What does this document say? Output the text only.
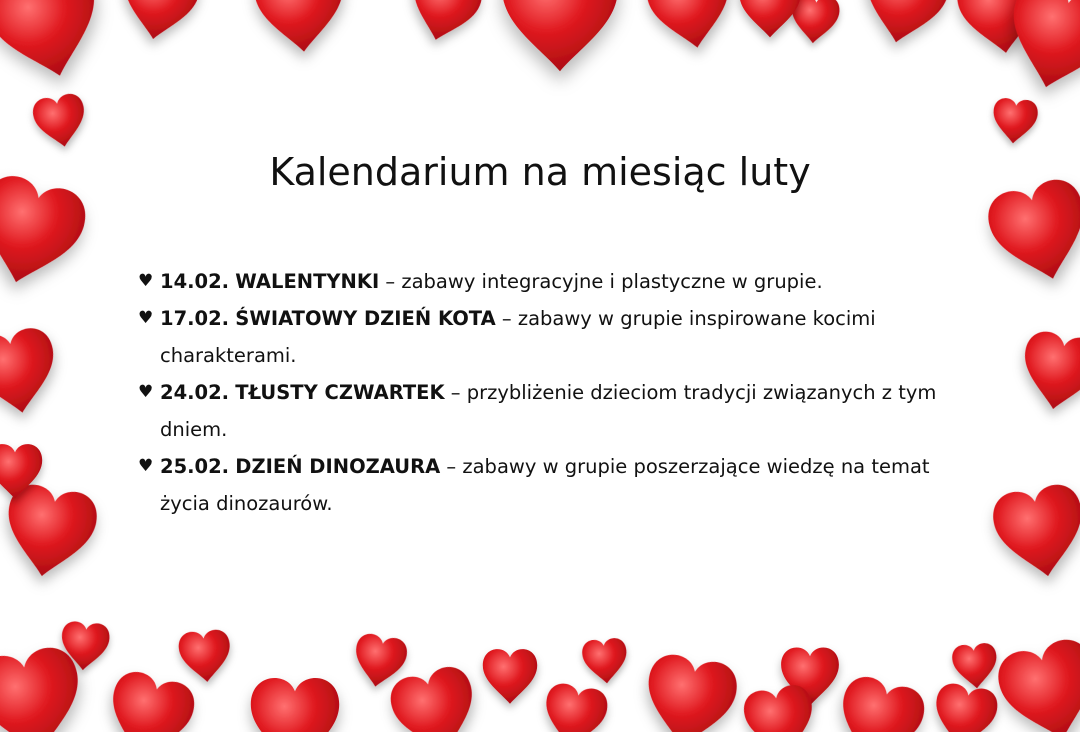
Kalendarium na miesiąc luty
♥ 14.02. WALENTYNKI – zabawy integracyjne i plastyczne w grupie.
♥ 17.02. ŚWIATOWY DZIEŃ KOTA – zabawy w grupie inspirowane kocimi charakterami.
♥ 24.02. TŁUSTY CZWARTEK – przybliżenie dzieciom tradycji związanych z tym dniem.
♥ 25.02. DZIEŃ DINOZAURA – zabawy w grupie poszerzające wiedzę na temat życia dinozaurów.
